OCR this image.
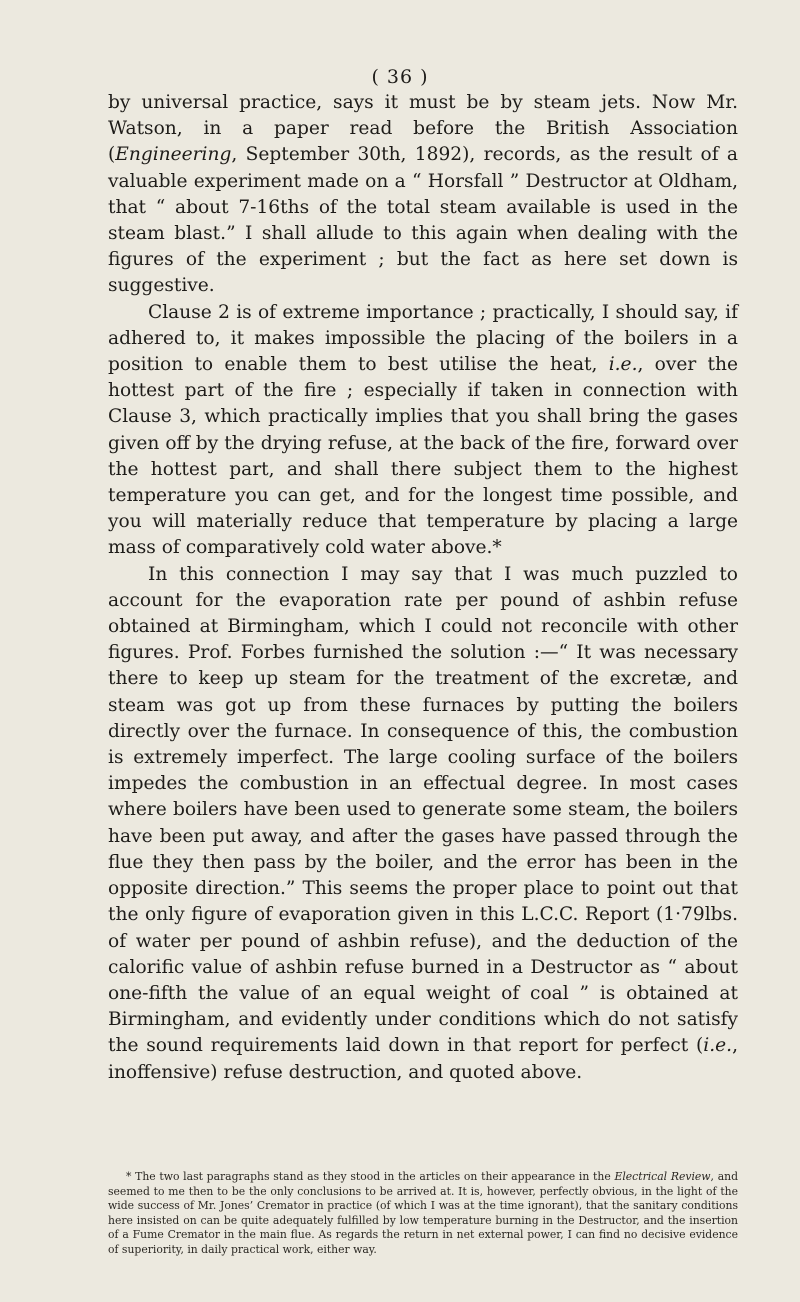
( 36 )

by universal practice, says it must be by steam jets. Now Mr. Watson, in a paper read before the British Association (Engineering, September 30th, 1892), records, as the result of a valuable experiment made on a “ Horsfall ” Destructor at Oldham, that “ about 7-16ths of the total steam available is used in the steam blast.” I shall allude to this again when dealing with the figures of the experiment ; but the fact as here set down is suggestive.

Clause 2 is of extreme importance ; practically, I should say, if adhered to, it makes impossible the placing of the boilers in a position to enable them to best utilise the heat, i.e., over the hottest part of the fire ; especially if taken in connection with Clause 3, which practically implies that you shall bring the gases given off by the drying refuse, at the back of the fire, forward over the hottest part, and shall there subject them to the highest temperature you can get, and for the longest time possible, and you will materially reduce that temperature by placing a large mass of comparatively cold water above.*

In this connection I may say that I was much puzzled to account for the evaporation rate per pound of ashbin refuse obtained at Birmingham, which I could not reconcile with other figures. Prof. Forbes furnished the solution :—“ It was necessary there to keep up steam for the treatment of the excretæ, and steam was got up from these furnaces by putting the boilers directly over the furnace. In consequence of this, the combustion is extremely imperfect. The large cooling surface of the boilers impedes the combustion in an effectual degree. In most cases where boilers have been used to generate some steam, the boilers have been put away, and after the gases have passed through the flue they then pass by the boiler, and the error has been in the opposite direction.” This seems the proper place to point out that the only figure of evaporation given in this L.C.C. Report (1·79lbs. of water per pound of ashbin refuse), and the deduction of the calorific value of ashbin refuse burned in a Destructor as “ about one-fifth the value of an equal weight of coal ” is obtained at Birmingham, and evidently under conditions which do not satisfy the sound requirements laid down in that report for perfect (i.e., inoffensive) refuse destruction, and quoted above.

* The two last paragraphs stand as they stood in the articles on their appearance in the Electrical Review, and seemed to me then to be the only conclusions to be arrived at. It is, however, perfectly obvious, in the light of the wide success of Mr. Jones’ Cremator in practice (of which I was at the time ignorant), that the sanitary conditions here insisted on can be quite adequately fulfilled by low temperature burning in the Destructor, and the insertion of a Fume Cremator in the main flue. As regards the return in net external power, I can find no decisive evidence of superiority, in daily practical work, either way.
